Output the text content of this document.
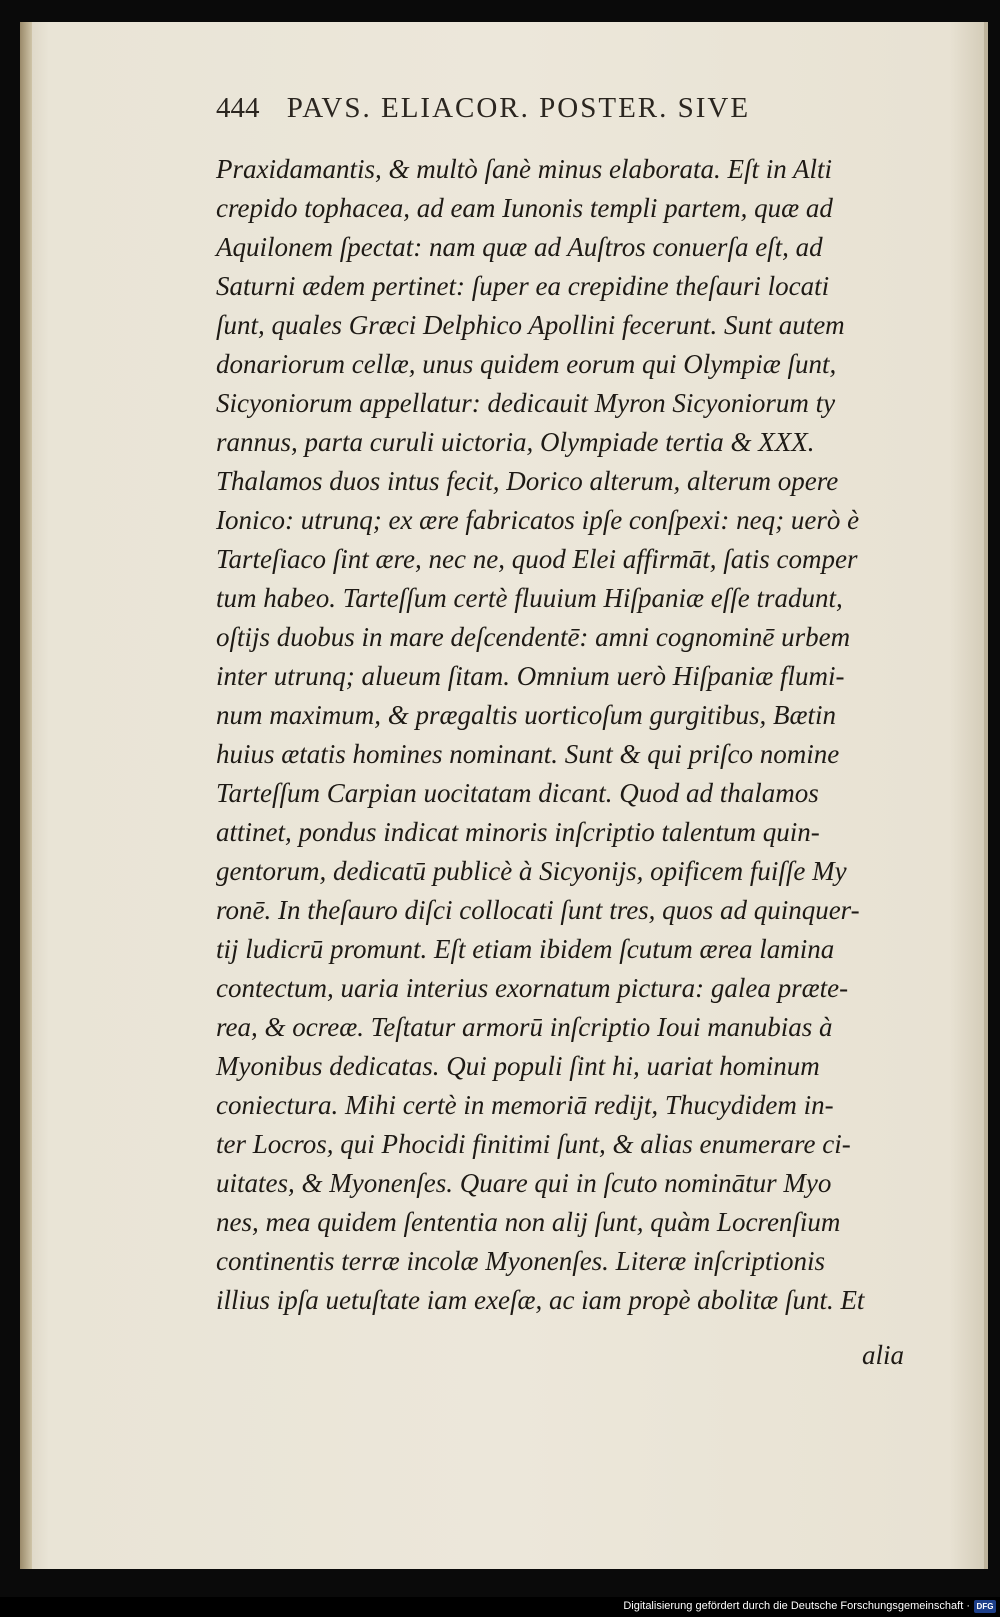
444 PAVS. ELIACOR. POSTER. SIVE
Praxidamantis, & multò ſanè minus elaborata. Eſt in Alti
crepido tophacea, ad eam Iunonis templi partem, quæ ad
Aquilonem ſpectat: nam quæ ad Auſtros conuerſa eſt, ad
Saturni ædem pertinet: ſuper ea crepidine theſauri locati
ſunt, quales Græci Delphico Apollini fecerunt. Sunt autem
donariorum cellæ, unus quidem eorum qui Olympiæ ſunt,
Sicyoniorum appellatur: dedicauit Myron Sicyoniorum ty
rannus, parta curuli uictoria, Olympiade tertia & XXX.
Thalamos duos intus fecit, Dorico alterum, alterum opere
Ionico: utrunq; ex ære fabricatos ipſe conſpexi: neq; uerò è
Tarteſiaco ſint ære, nec ne, quod Elei affirmāt, ſatis comper
tum habeo. Tarteſſum certè fluuium Hiſpaniæ eſſe tradunt,
oſtijs duobus in mare deſcendentē: amni cognominē urbem
inter utrunq; alueum ſitam. Omnium uerò Hiſpaniæ flumi-
num maximum, & prægaltis uorticoſum gurgitibus, Bætin
huius ætatis homines nominant. Sunt & qui priſco nomine
Tarteſſum Carpian uocitatam dicant. Quod ad thalamos
attinet, pondus indicat minoris inſcriptio talentum quin-
gentorum, dedicatū publicè à Sicyonijs, opificem fuiſſe My
ronē. In theſauro diſci collocati ſunt tres, quos ad quinquer-
tij ludicrū promunt. Eſt etiam ibidem ſcutum ærea lamina
contectum, uaria interius exornatum pictura: galea præte-
rea, & ocreæ. Teſtatur armorū inſcriptio Ioui manubias à
Myonibus dedicatas. Qui populi ſint hi, uariat hominum
coniectura. Mihi certè in memoriā redijt, Thucydidem in-
ter Locros, qui Phocidi finitimi ſunt, & alias enumerare ci-
uitates, & Myonenſes. Quare qui in ſcuto nominātur Myo
nes, mea quidem ſententia non alij ſunt, quàm Locrenſium
continentis terræ incolæ Myonenſes. Literæ inſcriptionis
illius ipſa uetuſtate iam exeſæ, ac iam propè abolitæ ſunt. Et
alia
Digitalisierung gefördert durch die Deutsche Forschungsgemeinschaft · DFG
